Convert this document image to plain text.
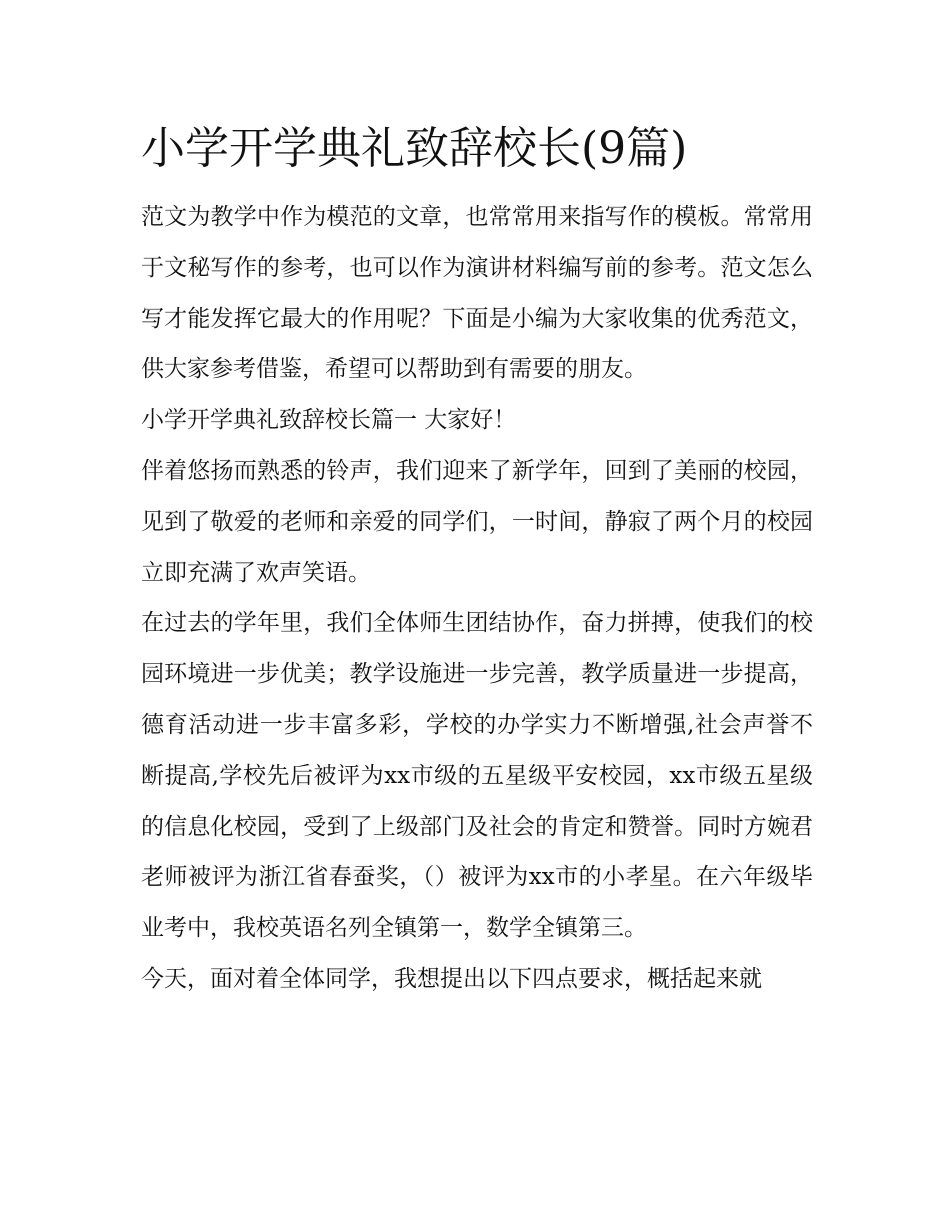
小学开学典礼致辞校长(9篇)

范文为教学中作为模范的文章，也常常用来指写作的模板。常常用于文秘写作的参考，也可以作为演讲材料编写前的参考。范文怎么写才能发挥它最大的作用呢？下面是小编为大家收集的优秀范文，供大家参考借鉴，希望可以帮助到有需要的朋友。

小学开学典礼致辞校长篇一 大家好！

伴着悠扬而熟悉的铃声，我们迎来了新学年，回到了美丽的校园，见到了敬爱的老师和亲爱的同学们，一时间，静寂了两个月的校园立即充满了欢声笑语。

在过去的学年里，我们全体师生团结协作，奋力拼搏，使我们的校园环境进一步优美；教学设施进一步完善，教学质量进一步提高，德育活动进一步丰富多彩，学校的办学实力不断增强,社会声誉不断提高,学校先后被评为xx市级的五星级平安校园，xx市级五星级的信息化校园，受到了上级部门及社会的肯定和赞誉。同时方婉君老师被评为浙江省春蚕奖，（）被评为xx市的小孝星。在六年级毕业考中，我校英语名列全镇第一，数学全镇第三。

今天，面对着全体同学，我想提出以下四点要求，概括起来就
